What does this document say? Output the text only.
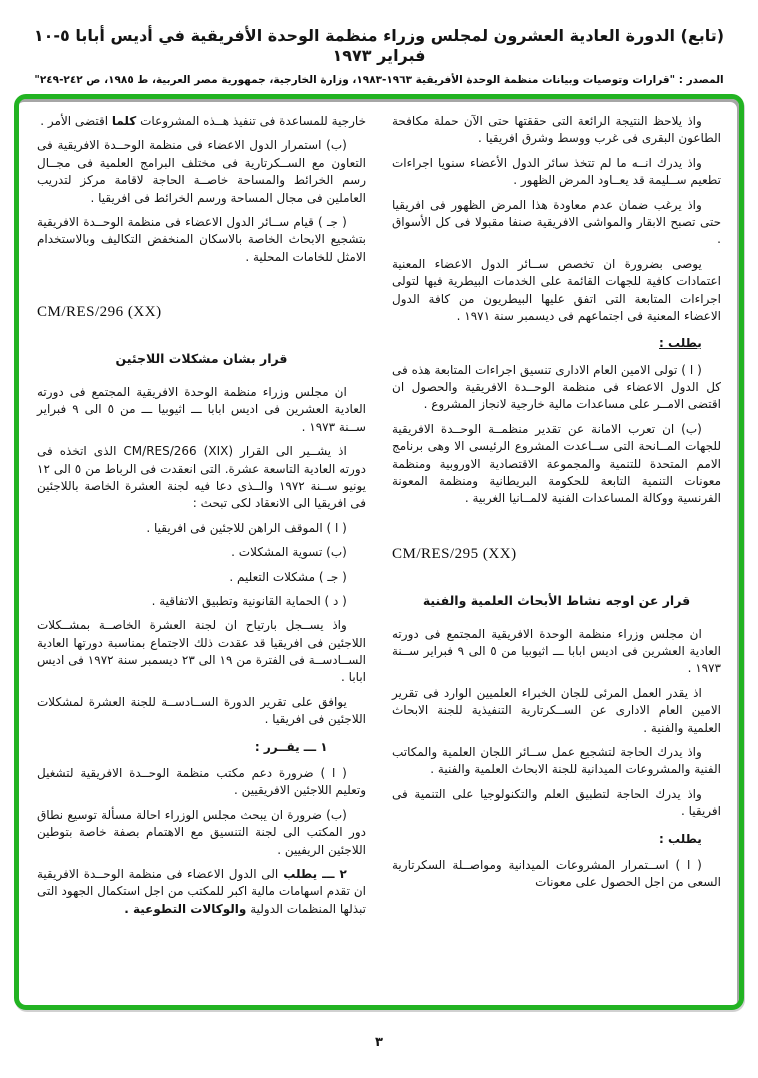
(تابع) الدورة العادية العشرون لمجلس وزراء منظمة الوحدة الأفريقية في أديس أبابا ٥-١٠ فبراير ١٩٧٣
المصدر : "قرارات وتوصيات وبيانات منظمة الوحدة الأفريقية ١٩٦٣-١٩٨٣، وزارة الخارجية، جمهورية مصر العربية، ط ١٩٨٥، ص ٢٤٢-٢٤٩"
واذ يلاحظ النتيجة الرائعة التى حققتها حتى الآن حملة مكافحة الطاعون البقرى فى غرب ووسط وشرق افريقيا .
واذ يدرك انــه ما لم تتخذ سائر الدول الأعضاء سنويا اجراءات تطعيم ســليمة قد يعــاود المرض الظهور .
واذ يرغب ضمان عدم معاودة هذا المرض الظهور فى افريقيا حتى تصبح الابقار والمواشى الافريقية صنفا مقبولا فى كل الأسواق .
يوصى بضرورة ان تخصص ســائر الدول الاعضاء المعنية اعتمادات كافية للجهات القائمة على الخدمات البيطرية فيها لتولى اجراءات المتابعة التى اتفق عليها البيطريون من كافة الدول الاعضاء المعنية فى اجتماعهم فى ديسمبر سنة ١٩٧١ .
يطلب :
( ا ) تولى الامين العام الادارى تنسيق اجراءات المتابعة هذه فى كل الدول الاعضاء فى منظمة الوحــدة الافريقية والحصول ان اقتضى الامــر على مساعدات مالية خارجية لانجاز المشروع .
(ب) ان تعرب الامانة عن تقدير منظمــة الوحــدة الافريقية للجهات المــانحة التى ســاعدت المشروع الرئيسى الا وهى برنامج الامم المتحدة للتنمية والمجموعة الاقتصادية الاوروبية ومنظمة معونات التنمية التابعة للحكومة البريطانية ومنظمة المعونة الفرنسية ووكالة المساعدات الفنية لالمــانيا الغربية .
CM/RES/295 (XX)
قرار عن اوجه نشاط الأبحاث العلمية والفنية
ان مجلس وزراء منظمة الوحدة الافريقية المجتمع فى دورته العادية العشرين فى اديس ابابا ـــ اثيوبيا من ٥ الى ٩ فبراير ســنة ١٩٧٣ .
اذ يقدر العمل المرئى للجان الخبراء العلميين الوارد فى تقرير الامين العام الادارى عن الســكرتارية التنفيذية للجنة الابحاث العلمية والفنية .
واذ يدرك الحاجة لتشجيع عمل ســائر اللجان العلمية والمكاتب الفنية والمشروعات الميدانية للجنة الابحاث العلمية والفنية .
واذ يدرك الحاجة لتطبيق العلم والتكنولوجيا على التنمية فى افريقيا .
يطلب :
( ا ) اســتمرار المشروعات الميدانية ومواصــلة السكرتارية السعى من اجل الحصول على معونات
خارجية للمساعدة فى تنفيذ هــذه المشروعات كلما اقتضى الأمر .
(ب) استمرار الدول الاعضاء فى منظمة الوحــدة الافريقية فى التعاون مع الســكرتارية فى مختلف البرامج العلمية فى مجــال رسم الخرائط والمساحة خاصــة الحاجة لاقامة مركز لتدريب العاملين فى مجال المساحة ورسم الخرائط فى افريقيا .
( جـ ) قيام ســائر الدول الاعضاء فى منظمة الوحــدة الافريقية بتشجيع الابحاث الخاصة بالاسكان المنخفض التكاليف وبالاستخدام الامثل للخامات المحلية .
CM/RES/296 (XX)
قرار بشان مشكلات اللاجئين
ان مجلس وزراء منظمة الوحدة الافريقية المجتمع فى دورته العادية العشرين فى اديس ابابا ـــ اثيوبيا ـــ من ٥ الى ٩ فبراير ســنة ١٩٧٣ .
اذ يشــير الى القرار CM/RES/266 (XIX) الذى اتخذه فى دورته العادية التاسعة عشرة. التى انعقدت فى الرباط من ٥ الى ١٢ يونيو ســنة ١٩٧٢ والــذى دعا فيه لجنة العشرة الخاصة باللاجئين فى افريقيا الى الانعقاد لكى تبحث :
( ا ) الموقف الراهن للاجئين فى افريقيا .
(ب) تسوية المشكلات .
( جـ ) مشكلات التعليم .
( د ) الحماية القانونية وتطبيق الاتفاقية .
واذ يســجل بارتياح ان لجنة العشرة الخاصــة بمشــكلات اللاجئين فى افريقيا قد عقدت ذلك الاجتماع بمناسبة دورتها العادية الســادســة فى الفترة من ١٩ الى ٢٣ ديسمبر سنة ١٩٧٢ فى اديس ابابا .
يوافق على تقرير الدورة الســادســة للجنة العشرة لمشكلات اللاجئين فى افريقيا .
١ ـــ يقــرر :
( ا ) ضرورة دعم مكتب منظمة الوحــدة الافريقية لتشغيل وتعليم اللاجئين الافريقيين .
(ب) ضرورة ان يبحث مجلس الوزراء احالة مسألة توسيع نطاق دور المكتب الى لجنة التنسيق مع الاهتمام بصفة خاصة بتوطين اللاجئين الريفيين .
٢ ـــ يطلب الى الدول الاعضاء فى منظمة الوحــدة الافريقية ان تقدم اسهامات مالية اكبر للمكتب من اجل استكمال الجهود التى تبذلها المنظمات الدولية والوكالات التطوعية .
٣
